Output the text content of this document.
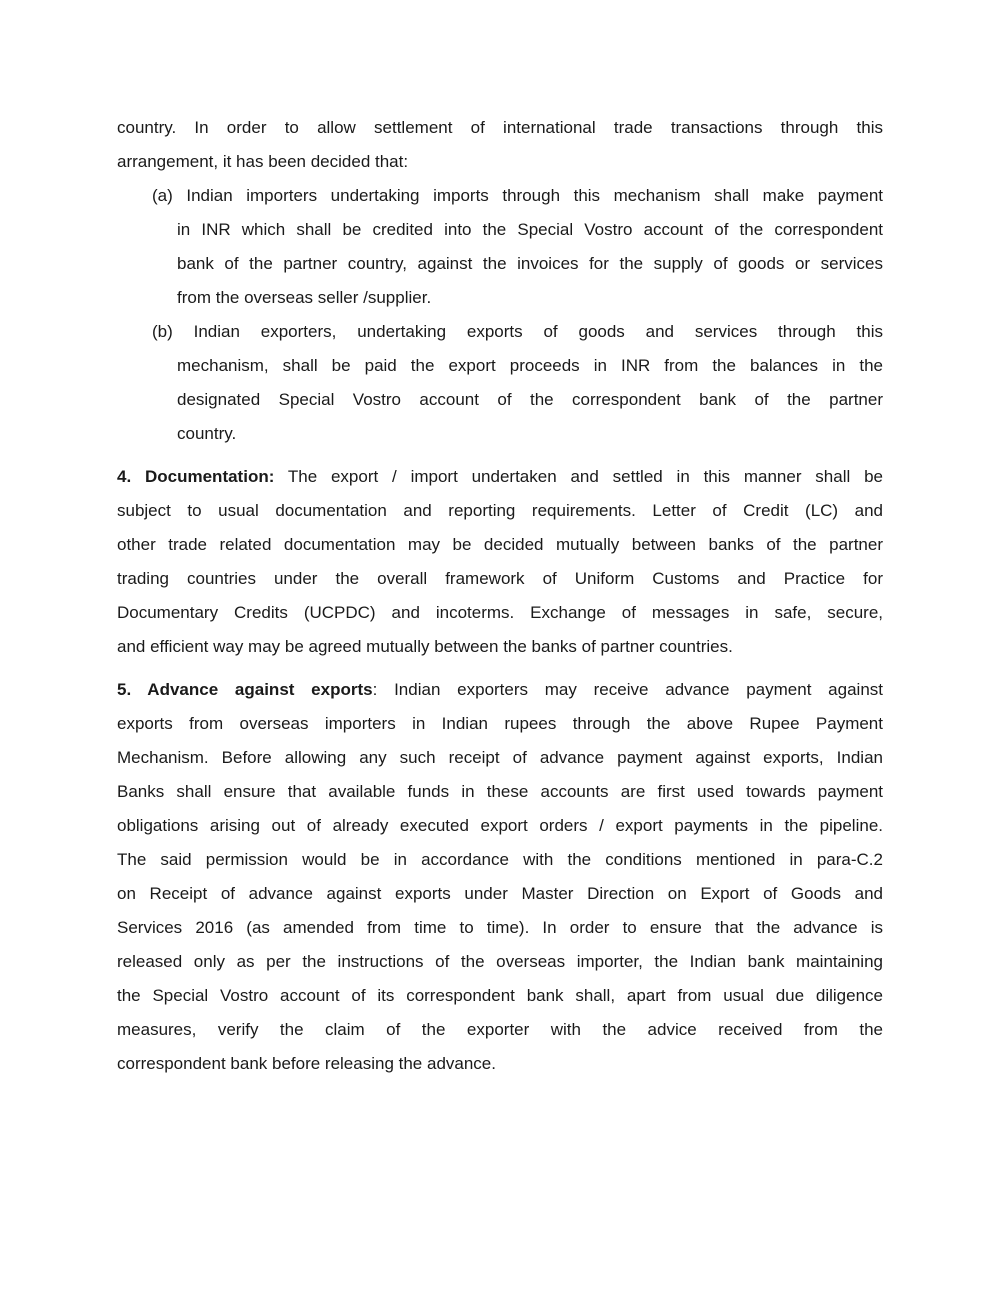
country. In order to allow settlement of international trade transactions through this
arrangement, it has been decided that:
(a) Indian importers undertaking imports through this mechanism shall make payment
in INR which shall be credited into the Special Vostro account of the correspondent
bank of the partner country, against the invoices for the supply of goods or services
from the overseas seller /supplier.
(b) Indian exporters, undertaking exports of goods and services through this
mechanism, shall be paid the export proceeds in INR from the balances in the
designated Special Vostro account of the correspondent bank of the partner
country.
4. Documentation: The export / import undertaken and settled in this manner shall be
subject to usual documentation and reporting requirements. Letter of Credit (LC) and
other trade related documentation may be decided mutually between banks of the partner
trading countries under the overall framework of Uniform Customs and Practice for
Documentary Credits (UCPDC) and incoterms. Exchange of messages in safe, secure,
and efficient way may be agreed mutually between the banks of partner countries.
5. Advance against exports: Indian exporters may receive advance payment against
exports from overseas importers in Indian rupees through the above Rupee Payment
Mechanism. Before allowing any such receipt of advance payment against exports, Indian
Banks shall ensure that available funds in these accounts are first used towards payment
obligations arising out of already executed export orders / export payments in the pipeline.
The said permission would be in accordance with the conditions mentioned in para-C.2
on Receipt of advance against exports under Master Direction on Export of Goods and
Services 2016 (as amended from time to time). In order to ensure that the advance is
released only as per the instructions of the overseas importer, the Indian bank maintaining
the Special Vostro account of its correspondent bank shall, apart from usual due diligence
measures, verify the claim of the exporter with the advice received from the
correspondent bank before releasing the advance.
